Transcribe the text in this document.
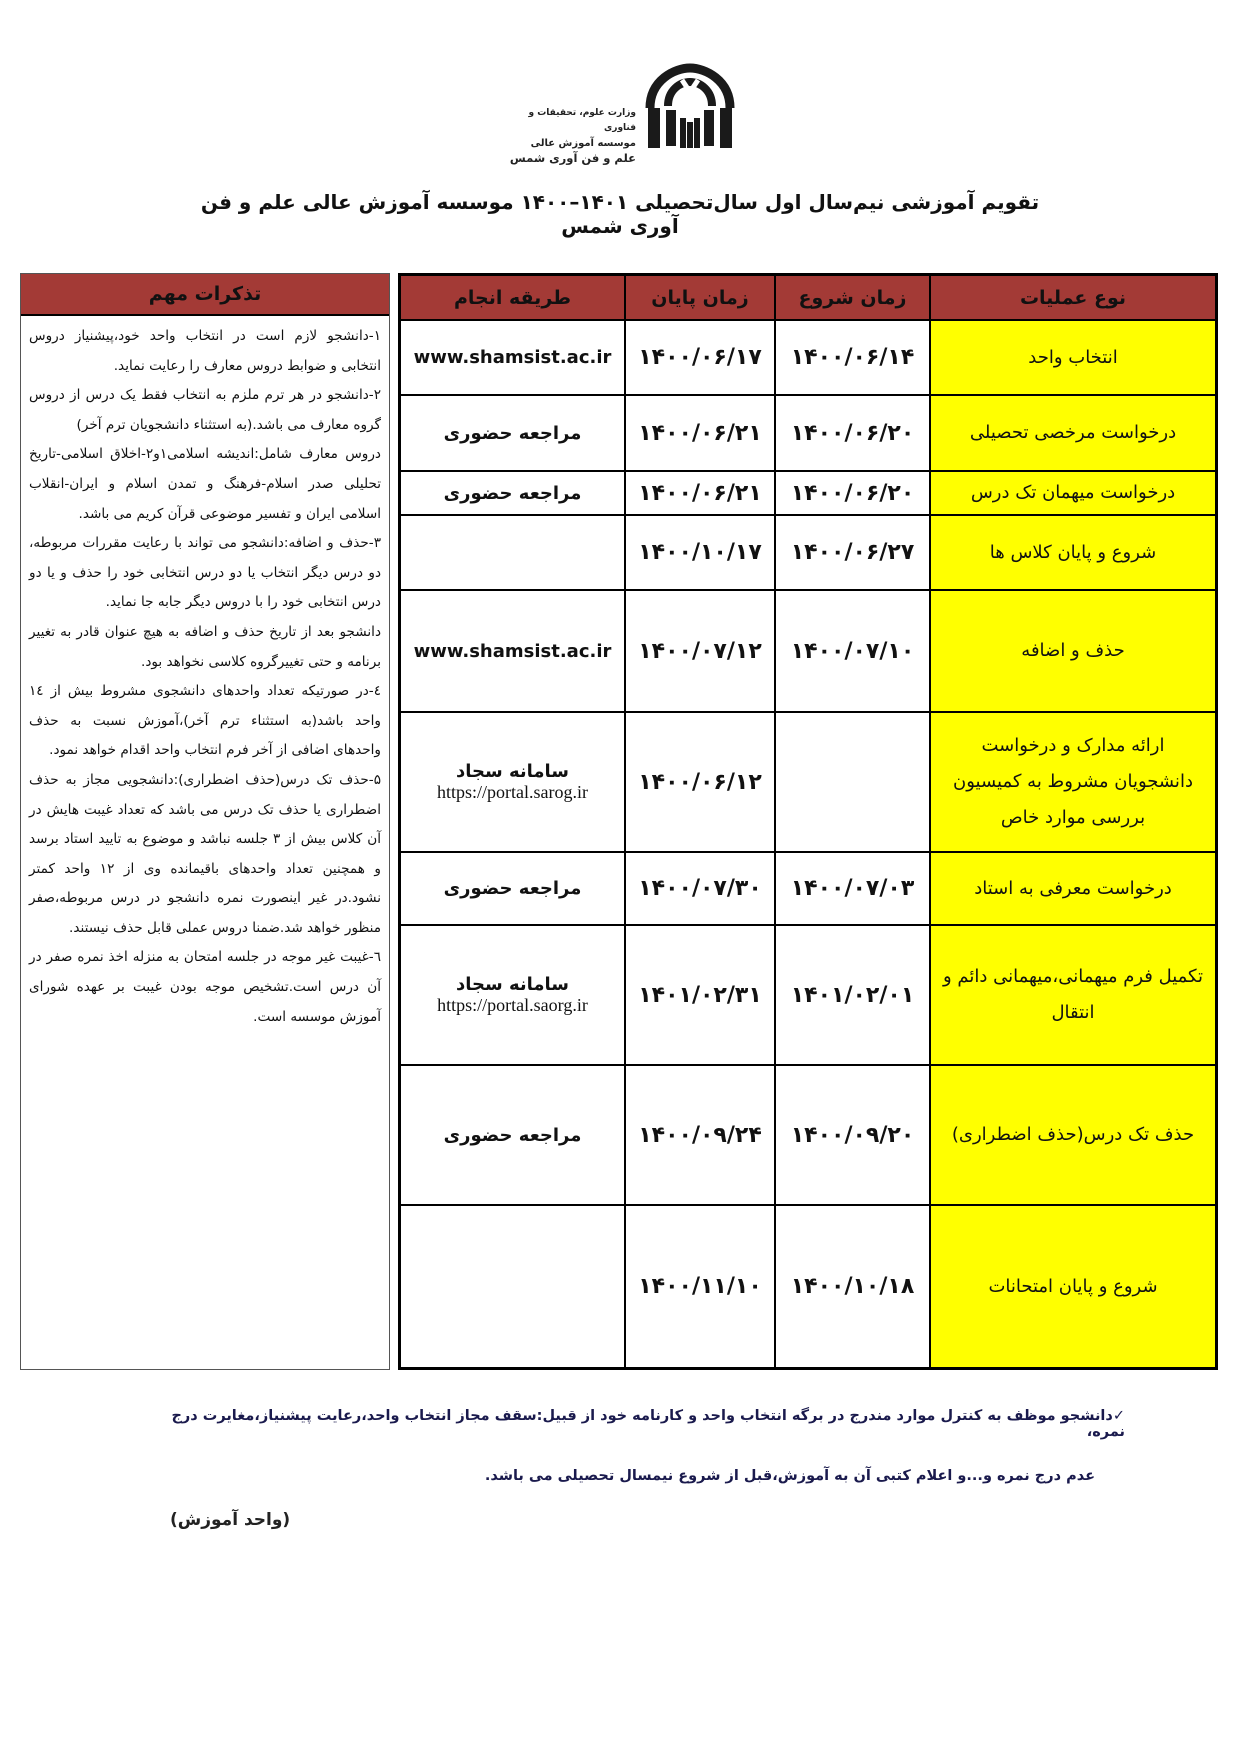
وزارت علوم، تحقیقات و فناوری
موسسه آموزش عالی
علم و فن آوری شمس
تقویم آموزشی نیم‌سال اول سال‌تحصیلی ۱۴۰۱–۱۴۰۰ موسسه آموزش عالی علم و فن آوری شمس
نوع عملیات
زمان شروع
زمان پایان
طریقه انجام
انتخاب واحد
۱۴۰۰/۰۶/۱۴
۱۴۰۰/۰۶/۱۷
www.shamsist.ac.ir
درخواست مرخصی تحصیلی
۱۴۰۰/۰۶/۲۰
۱۴۰۰/۰۶/۲۱
مراجعه حضوری
درخواست میهمان تک درس
۱۴۰۰/۰۶/۲۰
۱۴۰۰/۰۶/۲۱
مراجعه حضوری
شروع و پایان کلاس ها
۱۴۰۰/۰۶/۲۷
۱۴۰۰/۱۰/۱۷
حذف و اضافه
۱۴۰۰/۰۷/۱۰
۱۴۰۰/۰۷/۱۲
www.shamsist.ac.ir
ارائه مدارک و درخواست دانشجویان مشروط به کمیسیون بررسی موارد خاص
۱۴۰۰/۰۶/۱۲
سامانه سجاد
https://portal.sarog.ir
درخواست معرفی به استاد
۱۴۰۰/۰۷/۰۳
۱۴۰۰/۰۷/۳۰
مراجعه حضوری
تکمیل فرم میهمانی،میهمانی دائم و انتقال
۱۴۰۱/۰۲/۰۱
۱۴۰۱/۰۲/۳۱
سامانه سجاد
https://portal.saorg.ir
حذف تک درس(حذف اضطراری)
۱۴۰۰/۰۹/۲۰
۱۴۰۰/۰۹/۲۴
مراجعه حضوری
شروع و پایان امتحانات
۱۴۰۰/۱۰/۱۸
۱۴۰۰/۱۱/۱۰
تذکرات مهم

۱-دانشجو لازم است در انتخاب واحد خود،پیشنیاز دروس انتخابی و ضوابط دروس معارف را رعایت نماید.

۲-دانشجو در هر ترم ملزم به انتخاب فقط یک درس از دروس گروه معارف می باشد.(به استثناء دانشجویان ترم آخر)

دروس معارف شامل:اندیشه اسلامی۱و۲-اخلاق اسلامی-تاریخ تحلیلی صدر اسلام-فرهنگ و تمدن اسلام و ایران-انقلاب اسلامی ایران و تفسیر موضوعی قرآن کریم می باشد.

۳-حذف و اضافه:دانشجو می تواند با رعایت مقررات مربوطه، دو درس دیگر انتخاب یا دو درس انتخابی خود را حذف و یا دو درس انتخابی خود را با دروس دیگر جابه جا نماید.

دانشجو بعد از تاریخ حذف و اضافه به هیچ عنوان قادر به تغییر برنامه و حتی تغییرگروه کلاسی نخواهد بود.

٤-در صورتیکه تعداد واحدهای دانشجوی مشروط بیش از ١٤ واحد باشد(به استثناء ترم آخر)،آموزش نسبت به حذف واحدهای اضافی از آخر فرم انتخاب واحد اقدام خواهد نمود.

۵-حذف تک درس(حذف اضطراری):دانشجویی مجاز به حذف اضطراری یا حذف تک درس می باشد که تعداد غیبت هایش در آن کلاس بیش از ۳ جلسه نباشد و موضوع به تایید استاد برسد و همچنین تعداد واحدهای باقیمانده وی از ۱۲ واحد کمتر نشود.در غیر اینصورت نمره دانشجو در درس مربوطه،صفر منظور خواهد شد.ضمنا دروس عملی قابل حذف نیستند.

٦-غیبت غیر موجه در جلسه امتحان به منزله اخذ نمره صفر در آن درس است.تشخیص موجه بودن غیبت بر عهده شورای آموزش موسسه است.

✓دانشجو موظف به کنترل موارد مندرج در برگه انتخاب واحد و کارنامه خود از قبیل:سقف مجاز انتخاب واحد،رعایت پیشنیاز،مغایرت درج نمره،
عدم درج نمره و...و اعلام کتبی آن به آموزش،قبل از شروع نیمسال تحصیلی می باشد.
(واحد آموزش)
